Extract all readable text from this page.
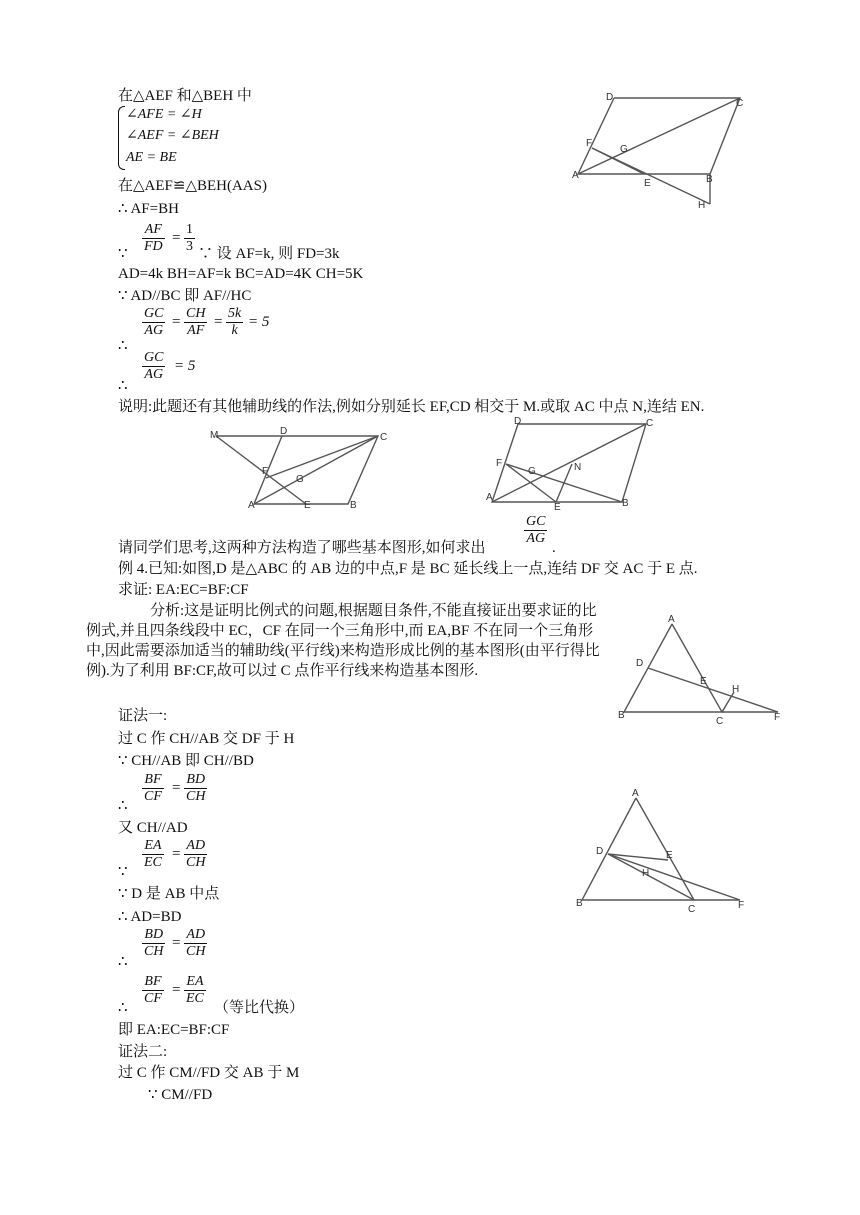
在△AEF 和△BEH 中
∠AFE = ∠H
∠AEF = ∠BEH
AE = BE
在△AEF≌△BEH(AAS)
∴ AF=BH
∵ $\frac{AF}{FD} = \frac{1}{3}$ ∵ 设 AF=k, 则 FD=3k
AD=4k BH=AF=k BC=AD=4K CH=5K
∵ AD//BC 即 AF//HC
∴
$\frac{GC}{AG} = \frac{CH}{AF} = \frac{5k}{k} = 5$
∴
$\frac{GC}{AG} = 5$
说明:此题还有其他辅助线的作法,例如分别延长 EF,CD 相交于 M.或取 AC 中点 N,连结 EN.
请同学们思考,这两种方法构造了哪些基本图形,如何求出
$\frac{GC}{AG}$
.
例 4.已知:如图,D 是△ABC 的 AB 边的中点,F 是 BC 延长线上一点,连结 DF 交 AC 于 E 点.
求证: EA:EC=BF:CF
分析:这是证明比例式的问题,根据题目条件,不能直接证出要求证的比例式,并且四条线段中 EC，CF 在同一个三角形中,而 EA,BF 不在同一个三角形中,因此需要添加适当的辅助线(平行线)来构造形成比例的基本图形(由平行得比例).为了利用 BF:CF,故可以过 C 点作平行线来构造基本图形.
证法一:
过 C 作 CH//AB 交 DF 于 H
∵ CH//AB 即 CH//BD
∴
$\frac{BF}{CF} = \frac{BD}{CH}$
又 CH//AD
∵
$\frac{EA}{EC} = \frac{AD}{CH}$
∵ D 是 AB 中点
∴ AD=BD
∴
$\frac{BD}{CH} = \frac{AD}{CH}$
∴
$\frac{BF}{CF} = \frac{EA}{EC}$
（等比代换）
即 EA:EC=BF:CF
证法二:
过 C 作 CM//FD 交 AB 于 M
∵ CM//FD
D
C
F
G
A
E	B
H
M	D
C
F
G
A	E	B
D	C
F
G	N
A
E	B
A
D
E
H
B
C	F
A
D	E
H
B
C	F
